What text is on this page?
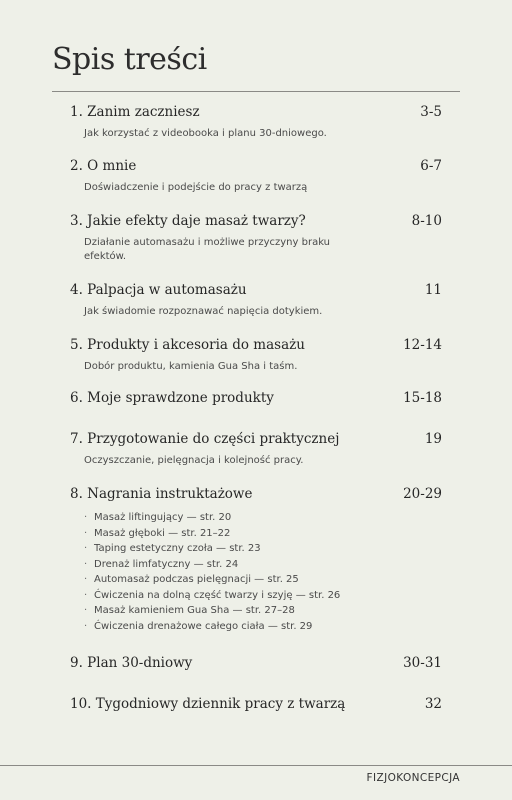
Spis treści
1. Zanim zaczniesz	3-5
Jak korzystać z videobooka i planu 30-dniowego.
2. O mnie	6-7
Doświadczenie i podejście do pracy z twarzą
3. Jakie efekty daje masaż twarzy?	8-10
Działanie automasażu i możliwe przyczyny braku efektów.
4. Palpacja w automasażu	11
Jak świadomie rozpoznawać napięcia dotykiem.
5. Produkty i akcesoria do masażu	12-14
Dobór produktu, kamienia Gua Sha i taśm.
6. Moje sprawdzone produkty	15-18
7. Przygotowanie do części praktycznej	19
Oczyszczanie, pielęgnacja i kolejność pracy.
8. Nagrania instruktażowe	20-29
· Masaż liftingujący — str. 20
· Masaż głęboki — str. 21–22
· Taping estetyczny czoła — str. 23
· Drenaż limfatyczny — str. 24
· Automasaż podczas pielęgnacji — str. 25
· Ćwiczenia na dolną część twarzy i szyję — str. 26
· Masaż kamieniem Gua Sha — str. 27–28
· Ćwiczenia drenażowe całego ciała — str. 29
9. Plan 30-dniowy	30-31
10. Tygodniowy dziennik pracy z twarzą	32
FIZJOKONCEPCJA
